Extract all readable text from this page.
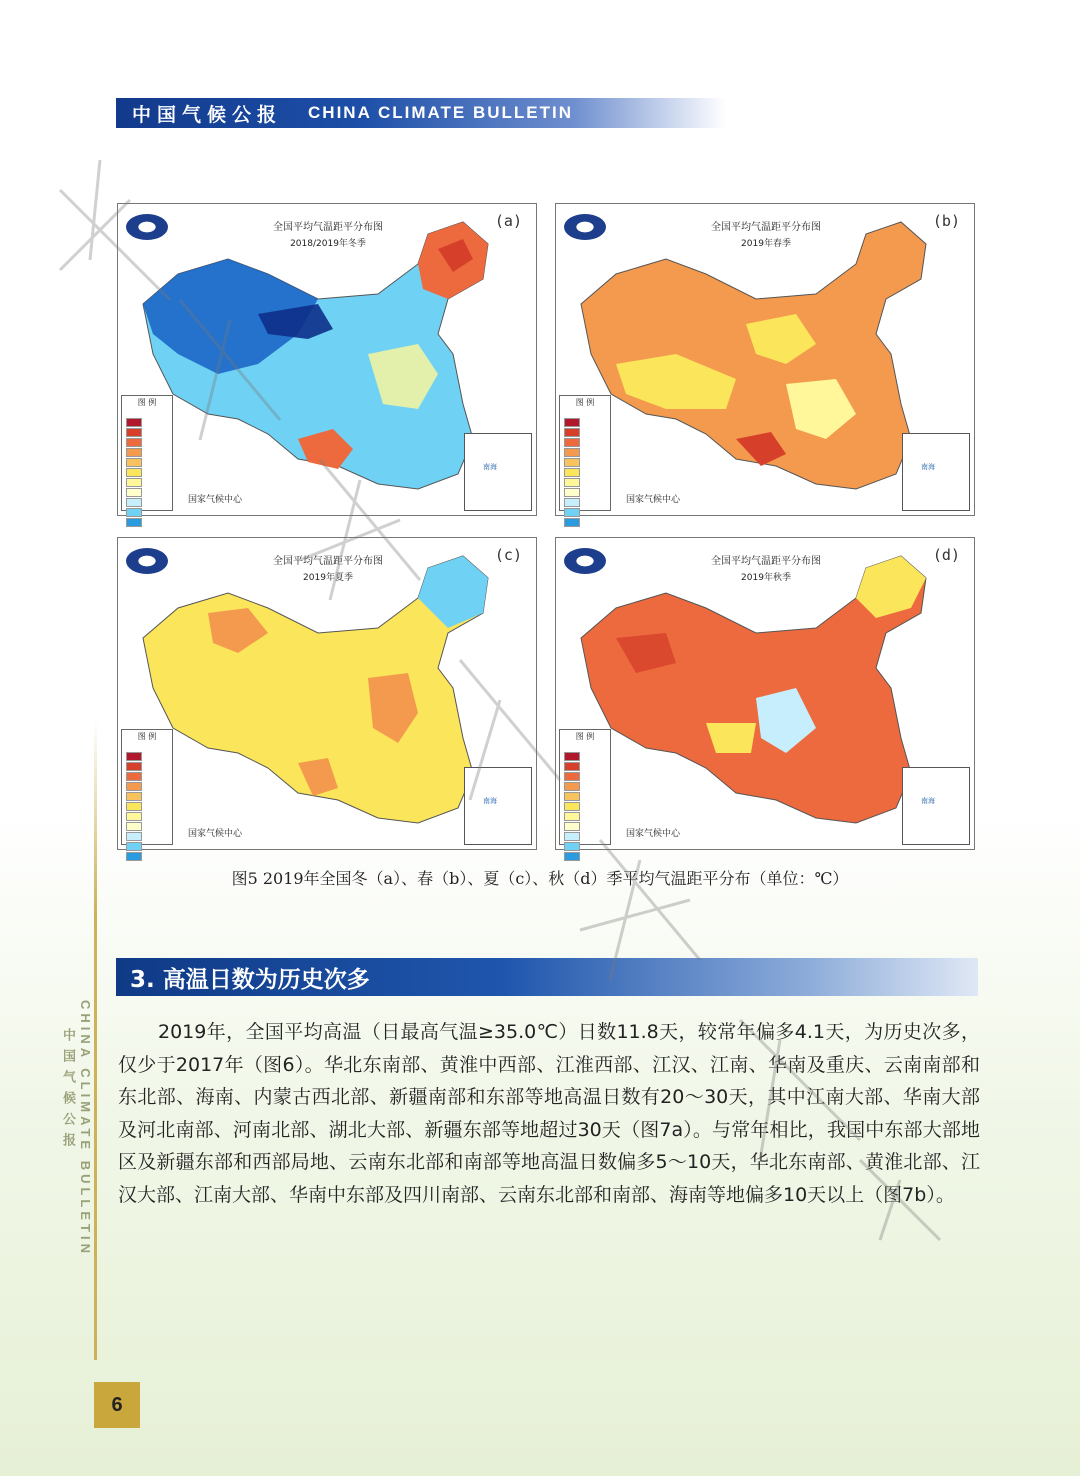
中国气候公报 CHINA CLIMATE BULLETIN
全国平均气温距平分布图
2018/2019年冬季
(a)
图 例
国家气候中心
南海
全国平均气温距平分布图
2019年春季
(b)
图 例
国家气候中心
南海
全国平均气温距平分布图
2019年夏季
(c)
图 例
国家气候中心
南海
全国平均气温距平分布图
2019年秋季
(d)
图 例
国家气候中心
南海
图5 2019年全国冬（a）、春（b）、夏（c）、秋（d）季平均气温距平分布（单位：℃）
3. 高温日数为历史次多
2019年，全国平均高温（日最高气温≥35.0℃）日数11.8天，较常年偏多4.1天，为历史次多，仅少于2017年（图6）。华北东南部、黄淮中西部、江淮西部、江汉、江南、华南及重庆、云南南部和东北部、海南、内蒙古西北部、新疆南部和东部等地高温日数有20～30天，其中江南大部、华南大部及河北南部、河南北部、湖北大部、新疆东部等地超过30天（图7a）。与常年相比，我国中东部大部地区及新疆东部和西部局地、云南东北部和南部等地高温日数偏多5～10天，华北东南部、黄淮北部、江汉大部、江南大部、华南中东部及四川南部、云南东北部和南部、海南等地偏多10天以上（图7b）。
CHINA CLIMATE BULLETIN
中国气候公报
6
